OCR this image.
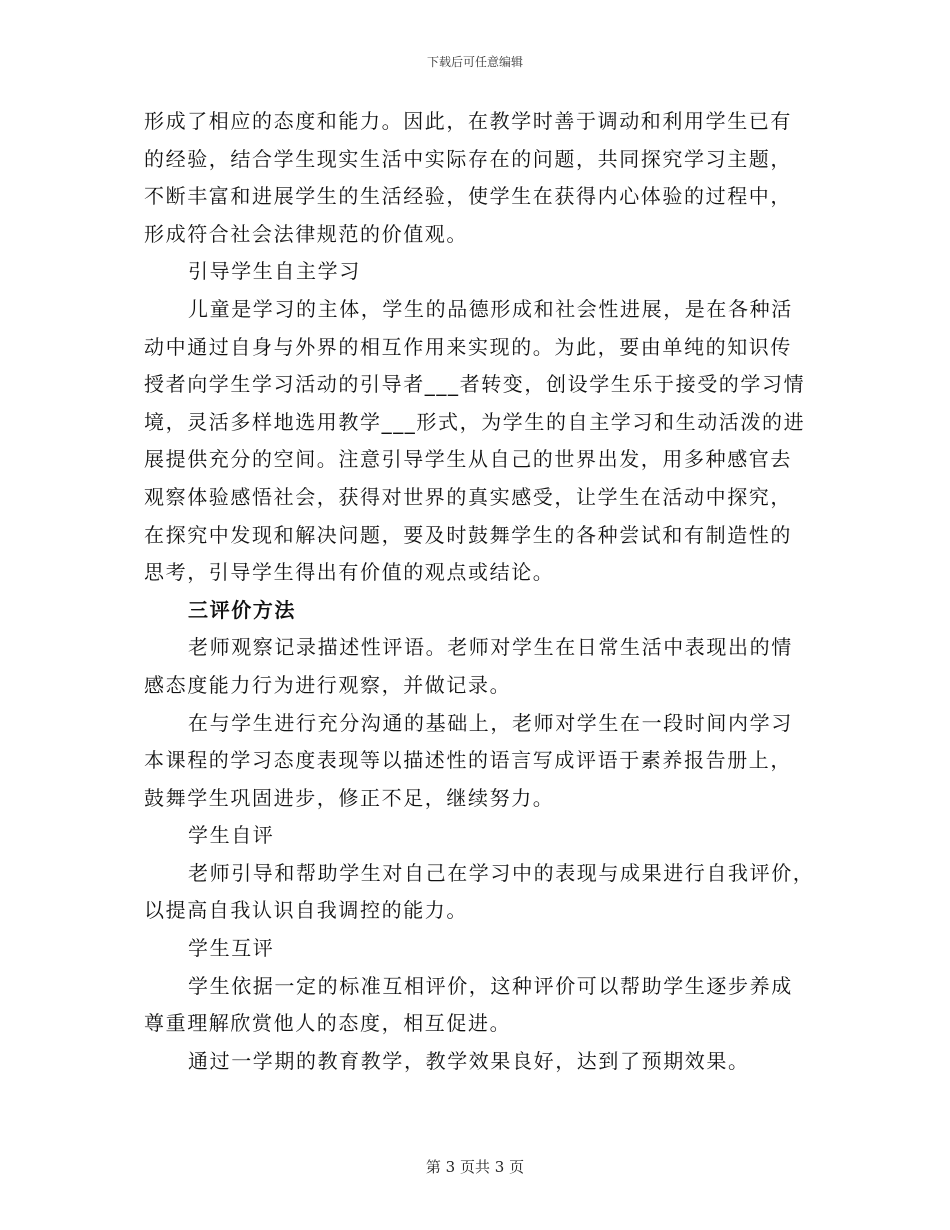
下载后可任意编辑

形成了相应的态度和能力。因此，在教学时善于调动和利用学生已有

的经验，结合学生现实生活中实际存在的问题，共同探究学习主题，

不断丰富和进展学生的生活经验，使学生在获得内心体验的过程中，

形成符合社会法律规范的价值观。

引导学生自主学习

儿童是学习的主体，学生的品德形成和社会性进展，是在各种活

动中通过自身与外界的相互作用来实现的。为此，要由单纯的知识传

授者向学生学习活动的引导者___者转变，创设学生乐于接受的学习情

境，灵活多样地选用教学___形式，为学生的自主学习和生动活泼的进

展提供充分的空间。注意引导学生从自己的世界出发，用多种感官去

观察体验感悟社会，获得对世界的真实感受，让学生在活动中探究，

在探究中发现和解决问题，要及时鼓舞学生的各种尝试和有制造性的

思考，引导学生得出有价值的观点或结论。

三评价方法

老师观察记录描述性评语。老师对学生在日常生活中表现出的情

感态度能力行为进行观察，并做记录。

在与学生进行充分沟通的基础上，老师对学生在一段时间内学习

本课程的学习态度表现等以描述性的语言写成评语于素养报告册上，

鼓舞学生巩固进步，修正不足，继续努力。

学生自评

老师引导和帮助学生对自己在学习中的表现与成果进行自我评价，

以提高自我认识自我调控的能力。

学生互评

学生依据一定的标准互相评价，这种评价可以帮助学生逐步养成

尊重理解欣赏他人的态度，相互促进。

通过一学期的教育教学，教学效果良好，达到了预期效果。

第 3 页共 3 页
